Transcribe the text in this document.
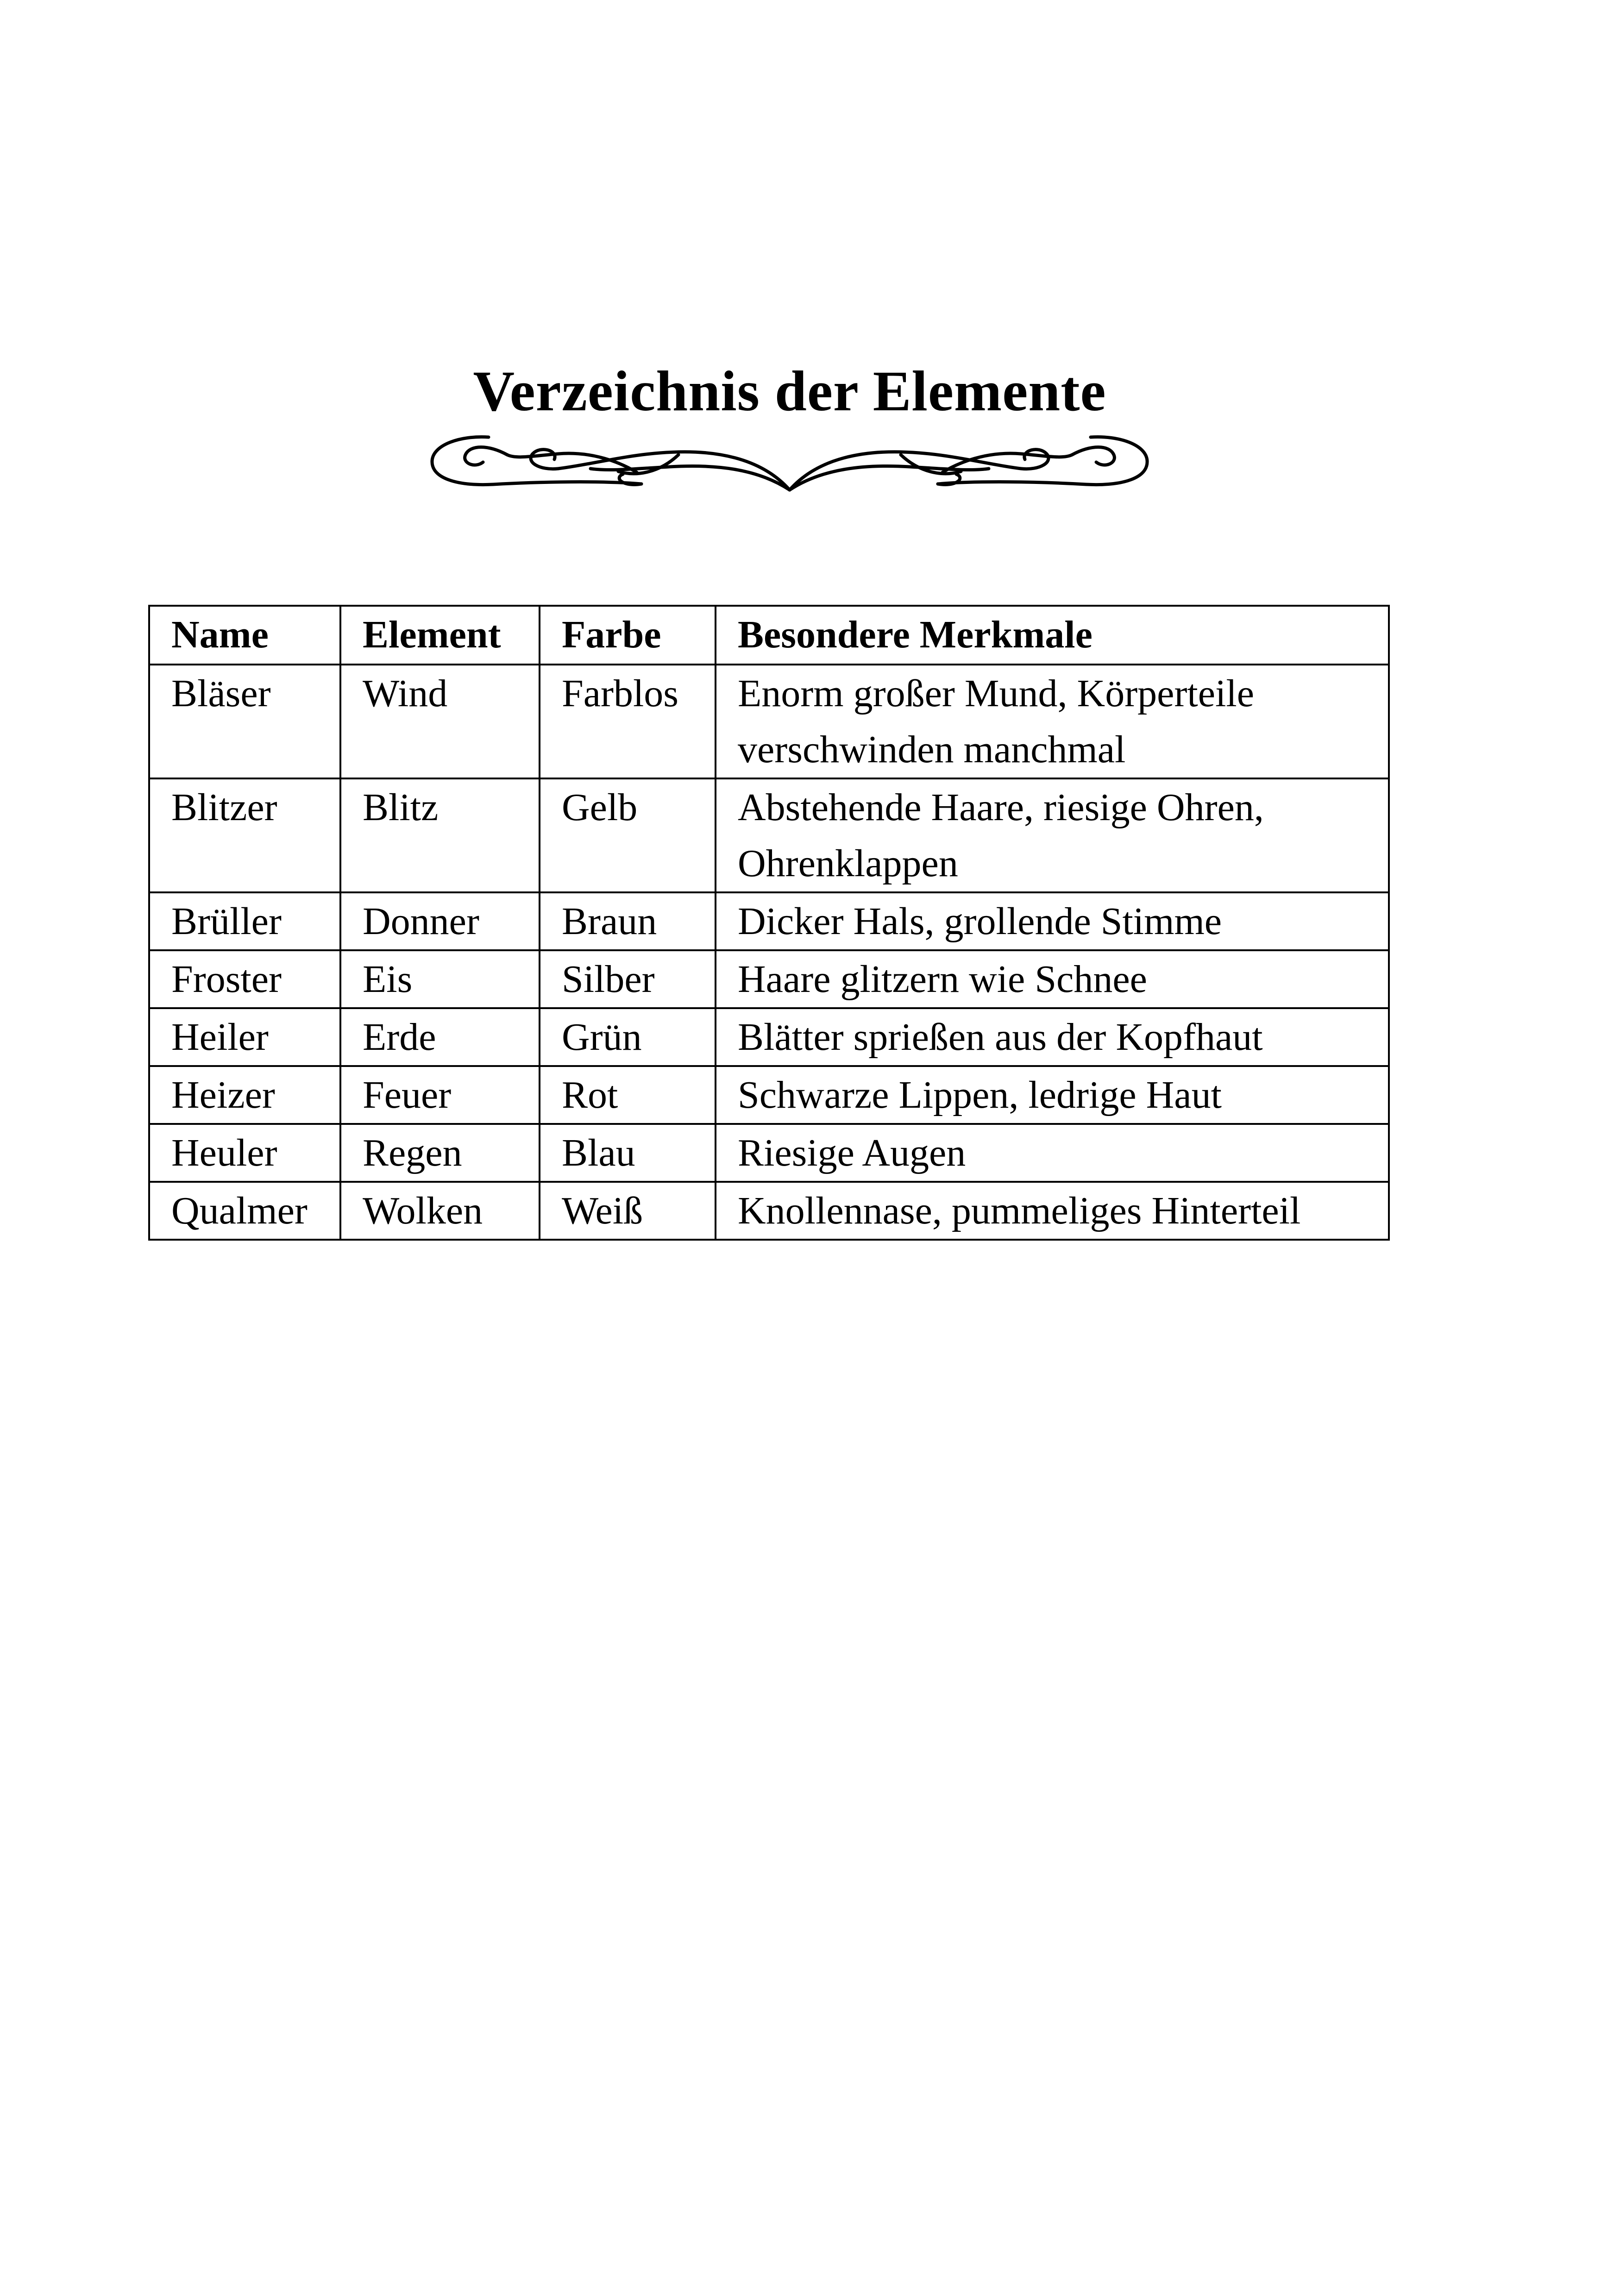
Verzeichnis der Elemente
Name	Element	Farbe	Besondere Merkmale
Bläser	Wind	Farblos	Enorm großer Mund, Körperteile verschwinden manchmal
Blitzer	Blitz	Gelb	Abstehende Haare, riesige Ohren, Ohrenklappen
Brüller	Donner	Braun	Dicker Hals, grollende Stimme
Froster	Eis	Silber	Haare glitzern wie Schnee
Heiler	Erde	Grün	Blätter sprießen aus der Kopfhaut
Heizer	Feuer	Rot	Schwarze Lippen, ledrige Haut
Heuler	Regen	Blau	Riesige Augen
Qualmer	Wolken	Weiß	Knollennase, pummeliges Hinterteil
